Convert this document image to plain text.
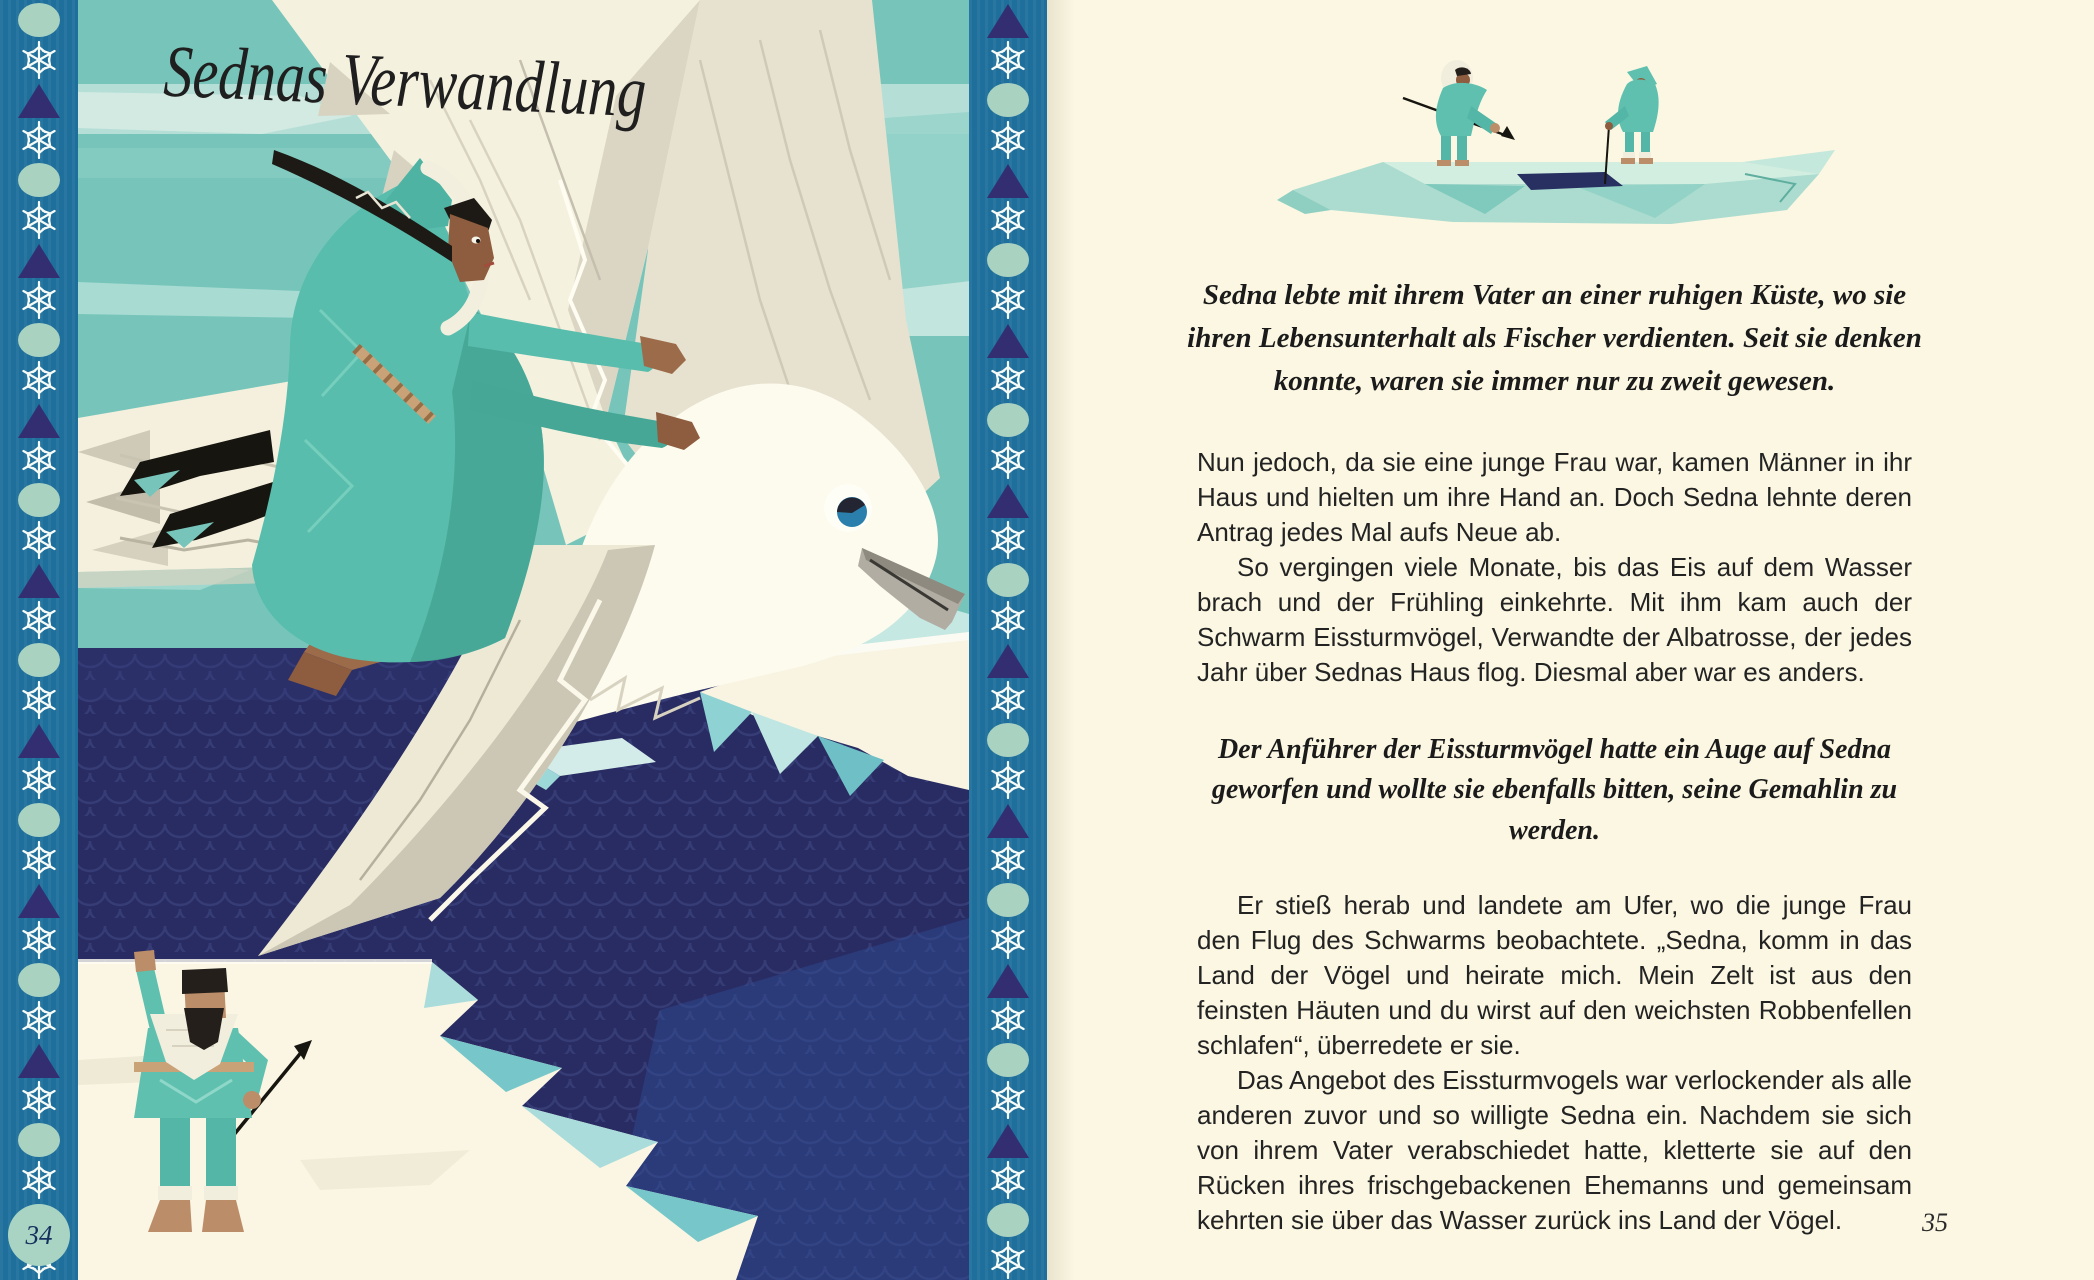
Sednas Verwandlung
34
Sedna lebte mit ihrem Vater an einer ruhigen Küste, wo sie ihren Lebensunterhalt als Fischer verdienten. Seit sie denken konnte, waren sie immer nur zu zweit gewesen.

Nun jedoch, da sie eine junge Frau war, kamen Männer in ihr Haus und hielten um ihre Hand an. Doch Sedna lehnte deren Antrag jedes Mal aufs Neue ab.

So vergingen viele Monate, bis das Eis auf dem Wasser brach und der Frühling einkehrte. Mit ihm kam auch der Schwarm Eissturmvögel, Verwandte der Albatrosse, der jedes Jahr über Sednas Haus flog. Diesmal aber war es anders.

Der Anführer der Eissturmvögel hatte ein Auge auf Sedna geworfen und wollte sie ebenfalls bitten, seine Gemahlin zu werden.

Er stieß herab und landete am Ufer, wo die junge Frau den Flug des Schwarms beobachtete. „Sedna, komm in das Land der Vögel und heirate mich. Mein Zelt ist aus den feinsten Häuten und du wirst auf den weichsten Robbenfellen schlafen“, überredete er sie.

Das Angebot des Eissturmvogels war verlockender als alle anderen zuvor und so willigte Sedna ein. Nachdem sie sich von ihrem Vater verabschiedet hatte, kletterte sie auf den Rücken ihres frischgebackenen Ehemanns und gemeinsam kehrten sie über das Wasser zurück ins Land der Vögel.	35
